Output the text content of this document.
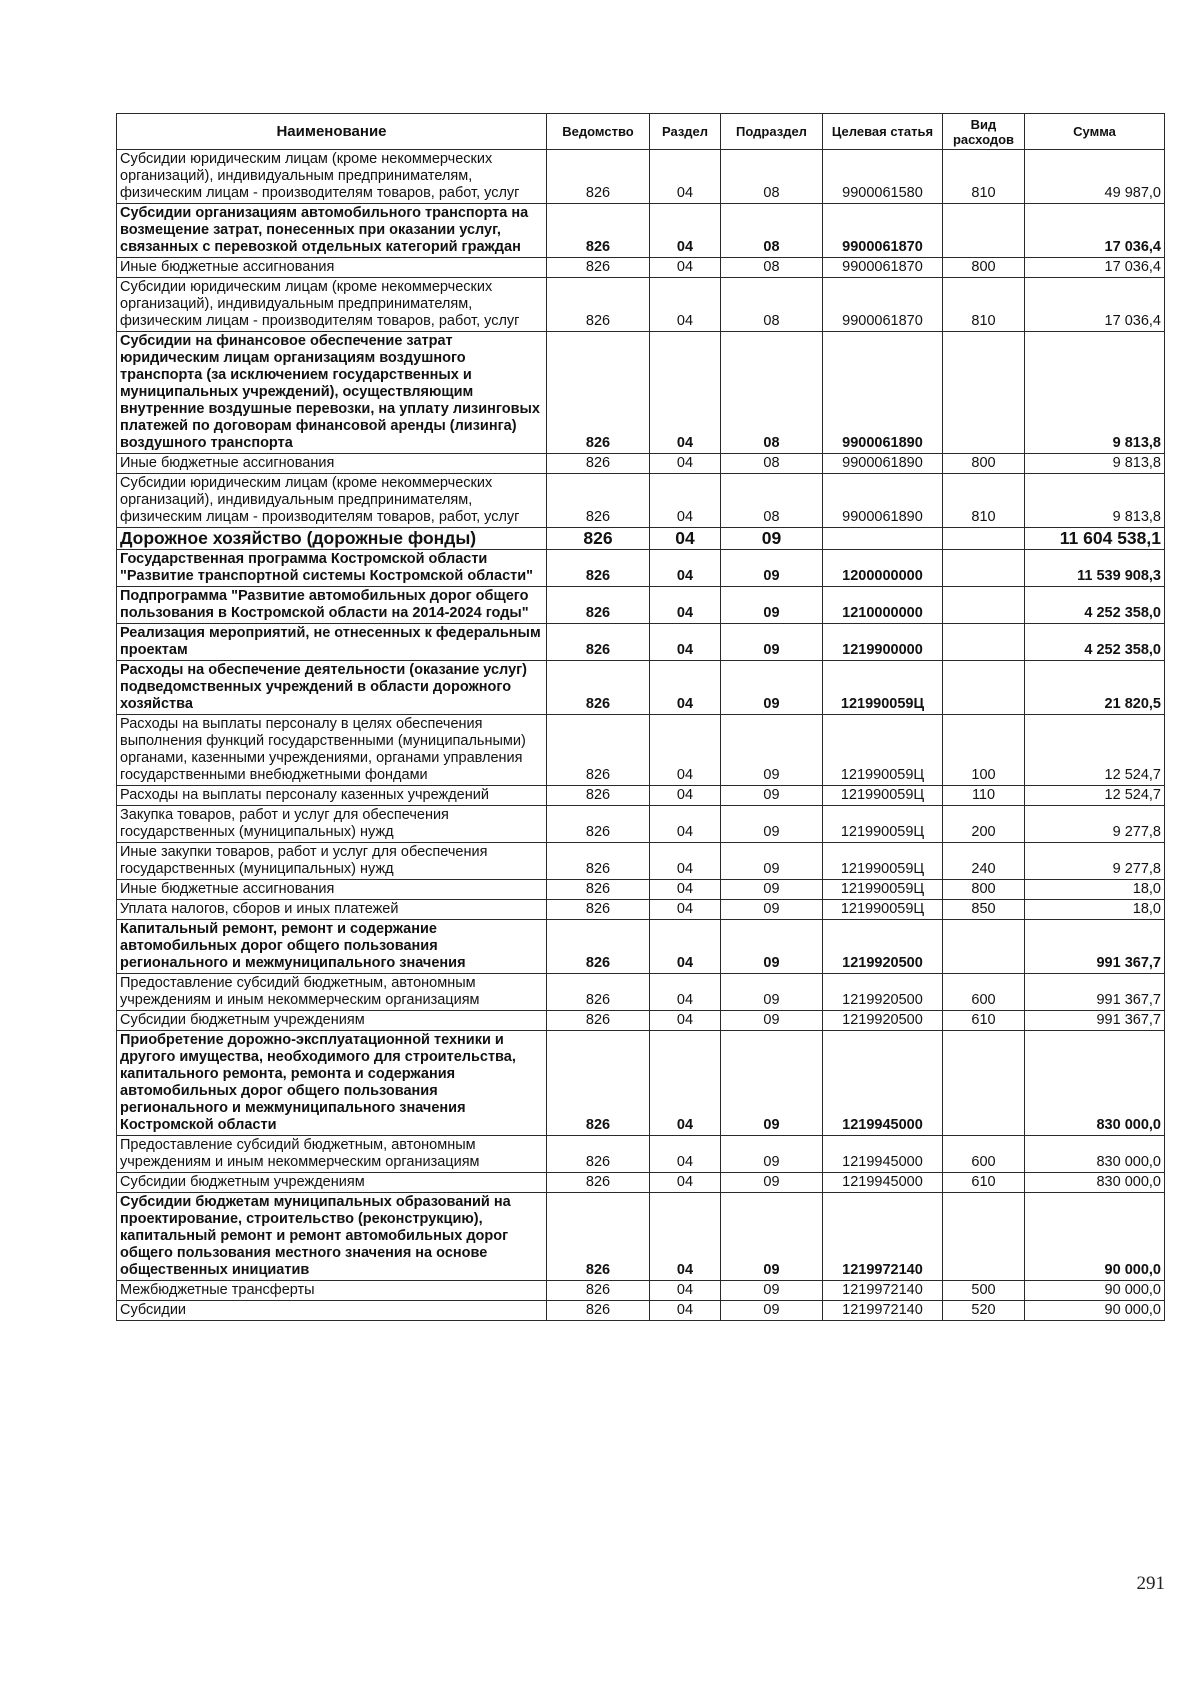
Наименование	Ведомство	Раздел	Подраздел	Целевая статья	Вид расходов	Сумма
Субсидии юридическим лицам (кроме некоммерческих организаций), индивидуальным предпринимателям, физическим лицам - производителям товаров, работ, услуг	826	04	08	9900061580	810	49 987,0
Субсидии организациям автомобильного транспорта на возмещение затрат, понесенных при оказании услуг, связанных с перевозкой отдельных категорий граждан	826	04	08	9900061870		17 036,4
Иные бюджетные ассигнования	826	04	08	9900061870	800	17 036,4
Субсидии юридическим лицам (кроме некоммерческих организаций), индивидуальным предпринимателям, физическим лицам - производителям товаров, работ, услуг	826	04	08	9900061870	810	17 036,4
Субсидии на финансовое обеспечение затрат юридическим лицам организациям воздушного транспорта (за исключением государственных и муниципальных учреждений), осуществляющим внутренние воздушные перевозки, на уплату лизинговых платежей по договорам финансовой аренды (лизинга) воздушного транспорта	826	04	08	9900061890		9 813,8
Иные бюджетные ассигнования	826	04	08	9900061890	800	9 813,8
Субсидии юридическим лицам (кроме некоммерческих организаций), индивидуальным предпринимателям, физическим лицам - производителям товаров, работ, услуг	826	04	08	9900061890	810	9 813,8
Дорожное хозяйство (дорожные фонды)	826	04	09			11 604 538,1
Государственная программа Костромской области "Развитие транспортной системы Костромской области"	826	04	09	1200000000		11 539 908,3
Подпрограмма "Развитие автомобильных дорог общего пользования в Костромской области на 2014-2024 годы"	826	04	09	1210000000		4 252 358,0
Реализация мероприятий, не отнесенных к федеральным проектам	826	04	09	1219900000		4 252 358,0
Расходы на обеспечение деятельности (оказание услуг) подведомственных учреждений в области дорожного хозяйства	826	04	09	121990059Ц		21 820,5
Расходы на выплаты персоналу в целях обеспечения выполнения функций государственными (муниципальными) органами, казенными учреждениями, органами управления государственными внебюджетными фондами	826	04	09	121990059Ц	100	12 524,7
Расходы на выплаты персоналу казенных учреждений	826	04	09	121990059Ц	110	12 524,7
Закупка товаров, работ и услуг для обеспечения государственных (муниципальных) нужд	826	04	09	121990059Ц	200	9 277,8
Иные закупки товаров, работ и услуг для обеспечения государственных (муниципальных) нужд	826	04	09	121990059Ц	240	9 277,8
Иные бюджетные ассигнования	826	04	09	121990059Ц	800	18,0
Уплата налогов, сборов и иных платежей	826	04	09	121990059Ц	850	18,0
Капитальный ремонт, ремонт и содержание автомобильных дорог общего пользования регионального и межмуниципального значения	826	04	09	1219920500		991 367,7
Предоставление субсидий бюджетным, автономным учреждениям и иным некоммерческим организациям	826	04	09	1219920500	600	991 367,7
Субсидии бюджетным учреждениям	826	04	09	1219920500	610	991 367,7
Приобретение дорожно-эксплуатационной техники и другого имущества, необходимого для строительства, капитального ремонта, ремонта и содержания автомобильных дорог общего пользования регионального и межмуниципального значения Костромской области	826	04	09	1219945000		830 000,0
Предоставление субсидий бюджетным, автономным учреждениям и иным некоммерческим организациям	826	04	09	1219945000	600	830 000,0
Субсидии бюджетным учреждениям	826	04	09	1219945000	610	830 000,0
Субсидии бюджетам муниципальных образований на проектирование, строительство (реконструкцию), капитальный ремонт и ремонт автомобильных дорог общего пользования местного значения на основе общественных инициатив	826	04	09	1219972140		90 000,0
Межбюджетные трансферты	826	04	09	1219972140	500	90 000,0
Субсидии	826	04	09	1219972140	520	90 000,0
291
